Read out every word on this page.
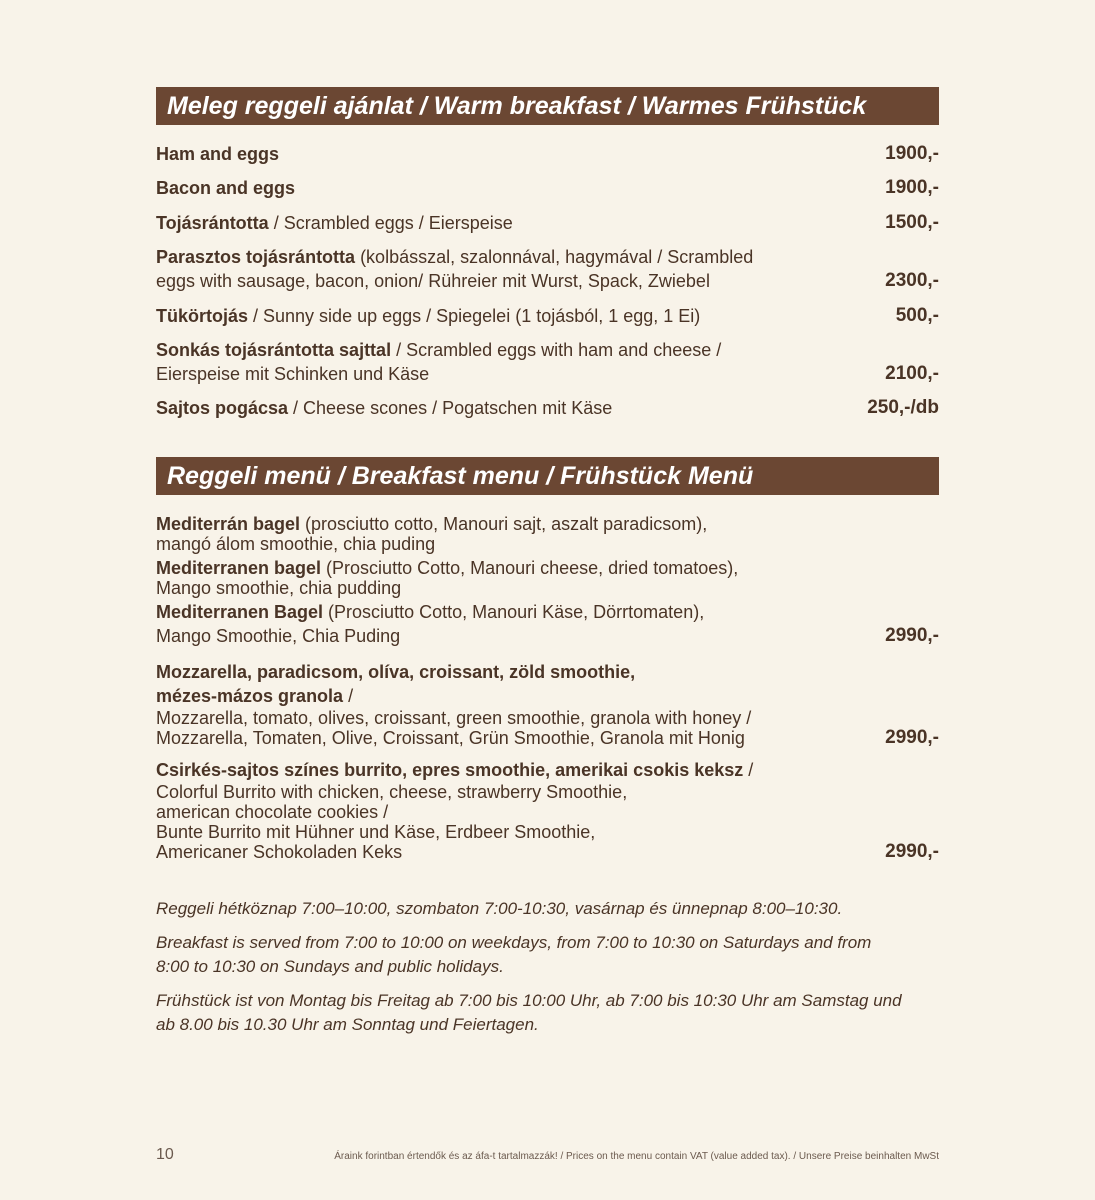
Meleg reggeli ajánlat / Warm breakfast / Warmes Frühstück
Ham and eggs	1900,-
Bacon and eggs	1900,-
Tojásrántotta / Scrambled eggs / Eierspeise	1500,-
Parasztos tojásrántotta (kolbásszal, szalonnával, hagymával / Scrambled eggs with sausage, bacon, onion/ Rühreier mit Wurst, Spack, Zwiebel	2300,-
Tükörtojás / Sunny side up eggs / Spiegelei (1 tojásból, 1 egg, 1 Ei)	500,-
Sonkás tojásrántotta sajttal / Scrambled eggs with ham and cheese / Eierspeise mit Schinken und Käse	2100,-
Sajtos pogácsa / Cheese scones / Pogatschen mit Käse	250,-/db
Reggeli menü / Breakfast menu / Frühstück Menü
Mediterrán bagel (prosciutto cotto, Manouri sajt, aszalt paradicsom),
mangó álom smoothie, chia puding
Mediterranen bagel (Prosciutto Cotto, Manouri cheese, dried tomatoes),
Mango smoothie, chia pudding
Mediterranen Bagel (Prosciutto Cotto, Manouri Käse, Dörrtomaten),
Mango Smoothie, Chia Puding	2990,-
Mozzarella, paradicsom, olíva, croissant, zöld smoothie,
mézes-mázos granola /
Mozzarella, tomato, olives, croissant, green smoothie, granola with honey /
Mozzarella, Tomaten, Olive, Croissant, Grün Smoothie, Granola mit Honig	2990,-
Csirkés-sajtos színes burrito, epres smoothie, amerikai csokis keksz /
Colorful Burrito with chicken, cheese, strawberry Smoothie,
american chocolate cookies /
Bunte Burrito mit Hühner und Käse, Erdbeer Smoothie,
Americaner Schokoladen Keks	2990,-
Reggeli hétköznap 7:00–10:00, szombaton 7:00-10:30, vasárnap és ünnepnap 8:00–10:30.
Breakfast is served from 7:00 to 10:00 on weekdays, from 7:00 to 10:30 on Saturdays and from 8:00 to 10:30 on Sundays and public holidays.
Frühstück ist von Montag bis Freitag ab 7:00 bis 10:00 Uhr, ab 7:00 bis 10:30 Uhr am Samstag und ab 8.00 bis 10.30 Uhr am Sonntag und Feiertagen.
10	Áraink forintban értendők és az áfa-t tartalmazzák! / Prices on the menu contain VAT (value added tax). / Unsere Preise beinhalten MwSt
